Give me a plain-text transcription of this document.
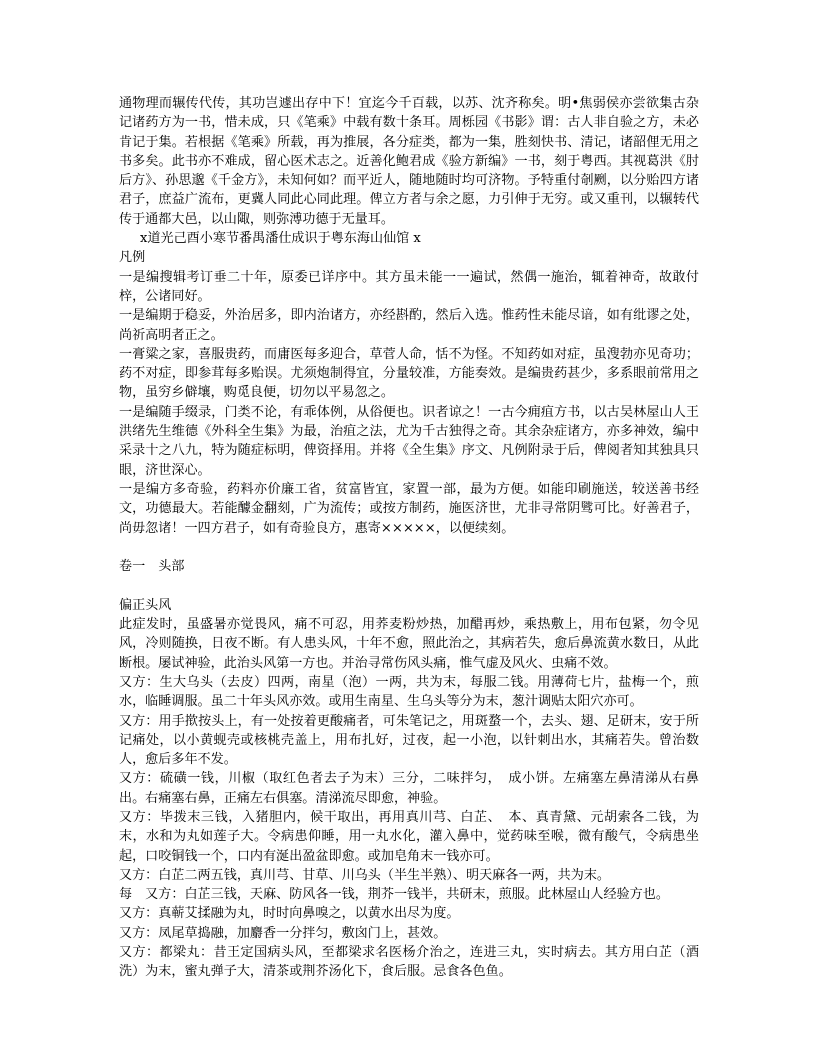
通物理而辗传代传，其功岂遽出存中下！宜迄今千百载，以苏、沈齐称矣。明•焦弱侯亦尝欲集古杂记诸药方为一书，惜未成，只《笔乘》中载有数十条耳。周栎园《书影》谓：古人非自验之方，未必肯记于集。若根据《笔乘》所载，再为推展，各分症类，都为一集，胜刻快书、清记，诸韶俚无用之书多矣。此书亦不难成，留心医术志之。近善化鲍君成《验方新编》一书，刻于粤西。其视葛洪《肘后方》、孙思邈《千金方》，未知何如？而平近人，随地随时均可济物。予特重付剞劂，以分贻四方诸君子，庶益广流布，更冀人同此心同此理。俾立方者与余之愿，力引伸于无穷。或又重刊，以辗转代传于通都大邑，以山陬，则弥溥功德于无量耳。

x道光己酉小寒节番禺潘仕成识于粤东海山仙馆 x

凡例

一是编搜辑考订垂二十年，原委已详序中。其方虽未能一一遍试，然偶一施治，辄着神奇，故敢付梓，公诸同好。

一是编期于稳妥，外治居多，即内治诸方，亦经斟酌，然后入选。惟药性未能尽谙，如有纰谬之处，尚祈高明者正之。

一膏粱之家，喜服贵药，而庸医每多迎合，草菅人命，恬不为怪。不知药如对症，虽溲勃亦见奇功；药不对症，即参茸每多贻误。尤须炮制得宜，分量较准，方能奏效。是编贵药甚少，多系眼前常用之物，虽穷乡僻壤，购觅良便，切勿以平易忽之。

一是编随手缀录，门类不论，有乖体例，从俗便也。识者谅之！一古今痈疽方书，以古吴林屋山人王洪绪先生维德《外科全生集》为最，治疽之法，尤为千古独得之奇。其余杂症诸方，亦多神效，编中采录十之八九，特为随症标明，俾资择用。并将《全生集》序文、凡例附录于后，俾阅者知其独具只眼，济世深心。

一是编方多奇验，药料亦价廉工省，贫富皆宜，家置一部，最为方便。如能印刷施送，较送善书经文，功德最大。若能醵金翻刻，广为流传；或按方制药，施医济世，尤非寻常阴骘可比。好善君子，尚毋忽诸！一四方君子，如有奇验良方，惠寄×××××，以便续刻。

卷一　头部

偏正头风

此症发时，虽盛暑亦觉畏风，痛不可忍，用荞麦粉炒热，加醋再炒，乘热敷上，用布包紧，勿令见风，冷则随换，日夜不断。有人患头风，十年不愈，照此治之，其病若失，愈后鼻流黄水数日，从此断根。屡试神验，此治头风第一方也。并治寻常伤风头痛，惟气虚及风火、虫痛不效。

又方：生大乌头（去皮）四两，南星（泡）一两，共为末，每服二钱。用薄荷七片，盐梅一个，煎水，临睡调服。虽二十年头风亦效。或用生南星、生乌头等分为末，葱汁调贴太阳穴亦可。

又方：用手揿按头上，有一处按着更酸痛者，可朱笔记之，用斑蝥一个，去头、翅、足研末，安于所记痛处，以小黄蚬壳或核桃壳盖上，用布扎好，过夜，起一小泡，以针刺出水，其痛若失。曾治数人，愈后多年不发。

又方：硫磺一钱，川椒（取红色者去子为末）三分，二味拌匀，　成小饼。左痛塞左鼻清涕从右鼻出。右痛塞右鼻，正痛左右俱塞。清涕流尽即愈，神验。

又方：毕拨末三钱，入猪胆内，候干取出，再用真川芎、白芷、　本、真青黛、元胡索各二钱，为末，水和为丸如莲子大。令病患仰睡，用一丸水化，灌入鼻中，觉药味至喉，微有酸气，令病患坐起，口咬铜钱一个，口内有涎出盈盆即愈。或加皂角末一钱亦可。

又方：白芷二两五钱，真川芎、甘草、川乌头（半生半熟）、明天麻各一两，共为末。

每　又方：白芷三钱，天麻、防风各一钱，荆芥一钱半，共研末，煎服。此林屋山人经验方也。

又方：真蕲艾揉融为丸，时时向鼻嗅之，以黄水出尽为度。

又方：凤尾草捣融，加麝香一分拌匀，敷囟门上，甚效。

又方：都梁丸：昔王定国病头风，至都梁求名医杨介治之，连进三丸，实时病去。其方用白芷（酒洗）为末，蜜丸弹子大，清茶或荆芥汤化下，食后服。忌食各色鱼。
